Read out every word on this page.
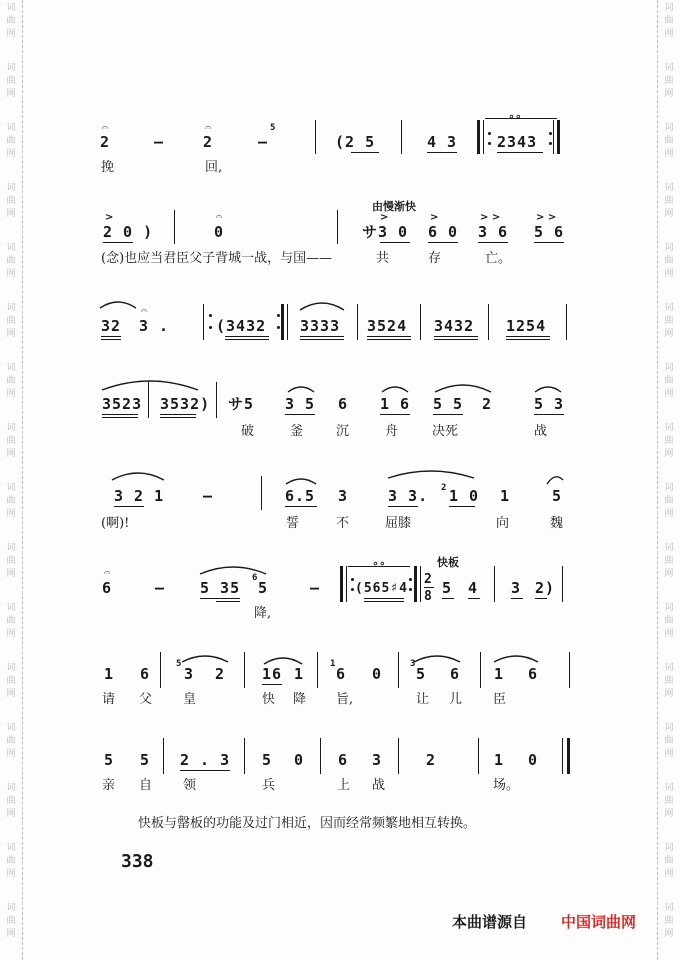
词
曲
网
词
曲
网
词
曲
网
词
曲
网
词
曲
网
词
曲
网
词
曲
网
词
曲
网
词
曲
网
词
曲
网
词
曲
网
词
曲
网
词
曲
网
词
曲
网
词
曲
网
词
曲
网
词
曲
网
词
曲
网
词
曲
网
词
曲
网
词
曲
网
词
曲
网
词
曲
网
词
曲
网
词
曲
网
词
曲
网
词
曲
网
词
曲
网
词
曲
网
词
曲
网
词
曲
网
词
曲
网
𝄐
2	–
𝄐
2	–
5
(2 5	4 3
∘∘
2343
挽	回,
由慢渐快
>
2 0 )
𝄐
0
>
サ3 0
>
6 0
> >
3 6
> >
5 6
(念)也应当君臣父子背城一战，与国——	共	存	亡。
32
𝄐
3 .	(3432 3333 3524 3432 1254
3523 3532) サ5 3 5 6 1 6 5 5 2	5 3
破	釜	沉	舟	决死	战
3 2 1	–	6.5 3	3 3. 2 1 0 1	5
(啊)!	誓	不	屈膝	向	魏
快板
𝄐
6	– 5 35
6
5	–
∘∘
(565♯4
2
8 5 4 3 2)
降,
1 6
5
3 2 16 1
1
6 0
3
5 6 1 6
请 父 皇	快 降 旨,	让 儿 臣
5 5 2 . 3 5 0 6 3	2	1 0
亲 自 领	兵	上 战	场。
快板与罄板的功能及过门相近，因而经常频繁地相互转换。
338
本曲谱源自 中国词曲网
